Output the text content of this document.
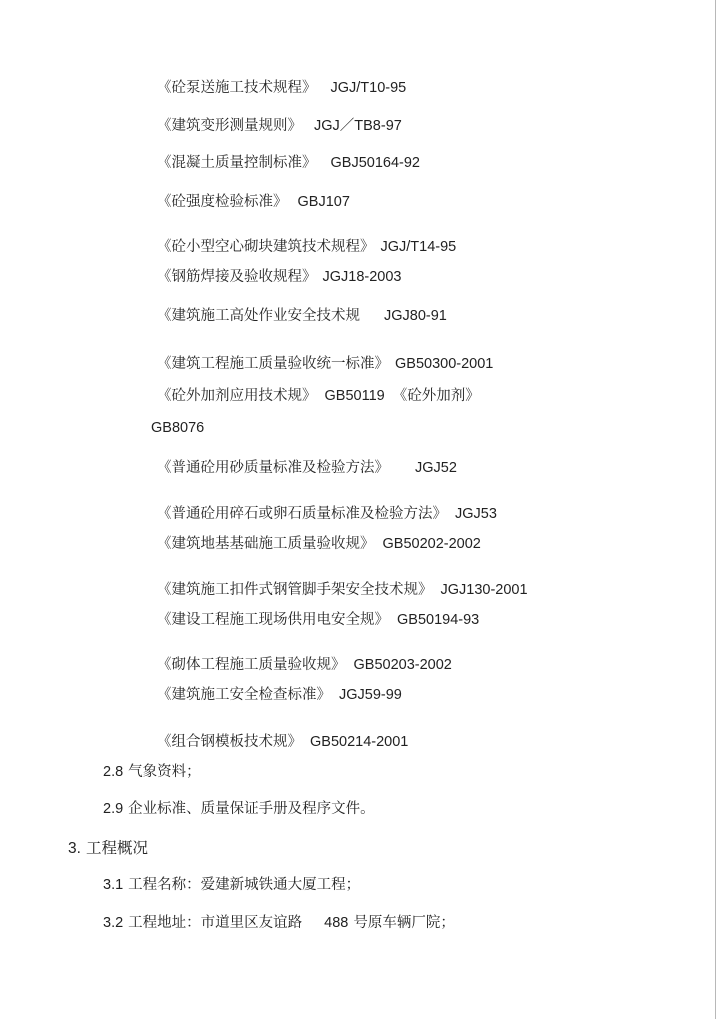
《砼泵送施工技术规程》 JGJ/T10-95
《建筑变形测量规则》 JGJ／TB8-97
《混凝土质量控制标准》 GBJ50164-92
《砼强度检验标准》 GBJ107
《砼小型空心砌块建筑技术规程》 JGJ/T14-95
《钢筋焊接及验收规程》 JGJ18-2003
《建筑施工高处作业安全技术规 JGJ80-91
《建筑工程施工质量验收统一标准》 GB50300-2001
《砼外加剂应用技术规》 GB50119 《砼外加剂》
GB8076
《普通砼用砂质量标准及检验方法》 JGJ52
《普通砼用碎石或卵石质量标准及检验方法》 JGJ53
《建筑地基基础施工质量验收规》 GB50202-2002
《建筑施工扣件式钢管脚手架安全技术规》 JGJ130-2001
《建设工程施工现场供用电安全规》 GB50194-93
《砌体工程施工质量验收规》 GB50203-2002
《建筑施工安全检查标准》 JGJ59-99
《组合钢模板技术规》 GB50214-2001
2.8 气象资料；
2.9 企业标准、质量保证手册及程序文件。
3. 工程概况
3.1 工程名称：爱建新城铁通大厦工程；
3.2 工程地址：市道里区友谊路 488 号原车辆厂院；
